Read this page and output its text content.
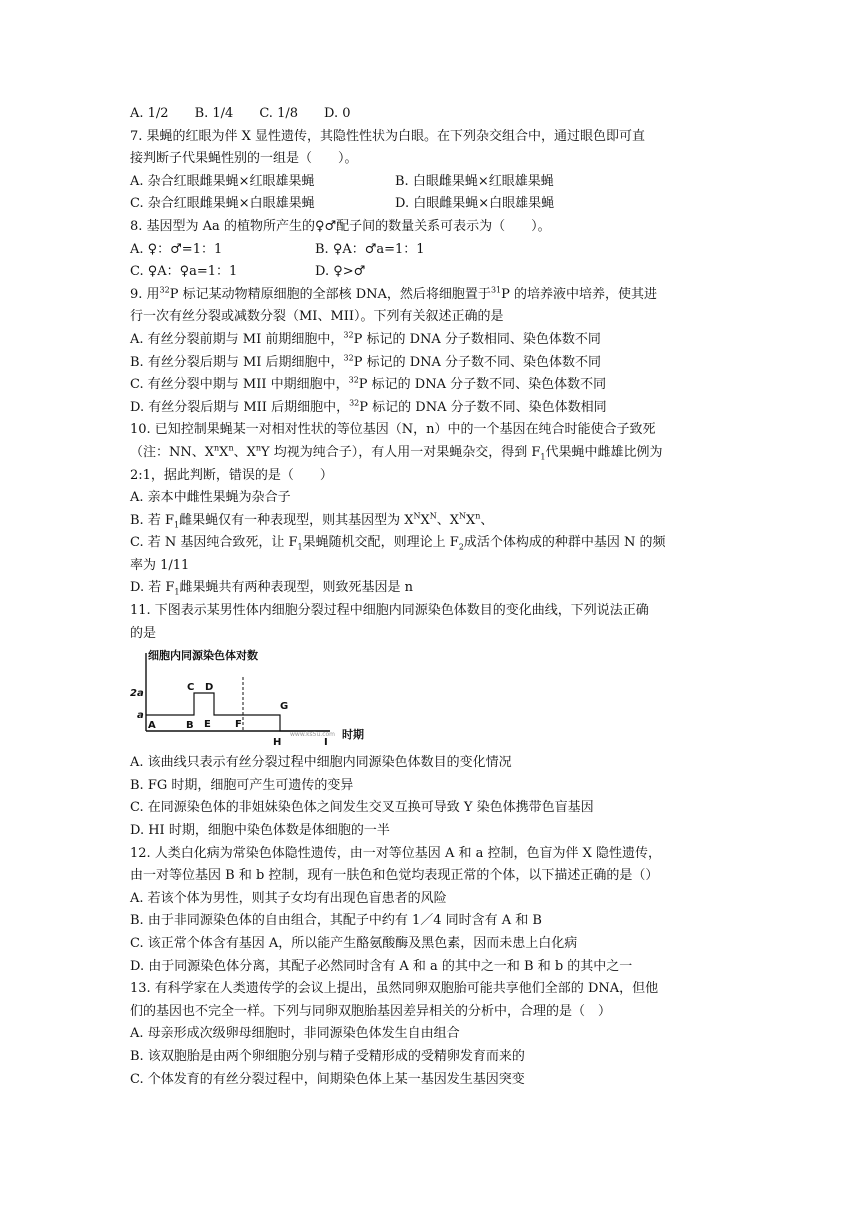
A. 1/2　　B. 1/4　　C. 1/8　　D. 0
7. 果蝇的红眼为伴 X 显性遗传，其隐性性状为白眼。在下列杂交组合中，通过眼色即可直
接判断子代果蝇性别的一组是（　　）。
A. 杂合红眼雌果蝇×红眼雄果蝇	B. 白眼雌果蝇×红眼雄果蝇
C. 杂合红眼雌果蝇×白眼雄果蝇	D. 白眼雌果蝇×白眼雄果蝇
8. 基因型为 Aa 的植物所产生的♀♂配子间的数量关系可表示为（　　）。
A. ♀：♂=1：1	B. ♀A：♂a=1：1
C. ♀A：♀a=1：1	D. ♀>♂
9. 用$^{32}$P 标记某动物精原细胞的全部核 DNA，然后将细胞置于$^{31}$P 的培养液中培养，使其进
行一次有丝分裂或减数分裂（MI、MII）。下列有关叙述正确的是
A. 有丝分裂前期与 MI 前期细胞中，$^{32}$P 标记的 DNA 分子数相同、染色体数不同
B. 有丝分裂后期与 MI 后期细胞中，$^{32}$P 标记的 DNA 分子数不同、染色体数不同
C. 有丝分裂中期与 MII 中期细胞中，$^{32}$P 标记的 DNA 分子数不同、染色体数不同
D. 有丝分裂后期与 MII 后期细胞中，$^{32}$P 标记的 DNA 分子数不同、染色体数相同
10. 已知控制果蝇某一对相对性状的等位基因（N，n）中的一个基因在纯合时能使合子致死
（注：NN、$X^nX^n$、$X^nY$ 均视为纯合子），有人用一对果蝇杂交，得到 $F_1$代果蝇中雌雄比例为
2:1，据此判断，错误的是（　　）
A. 亲本中雌性果蝇为杂合子
B. 若 $F_1$雌果蝇仅有一种表现型，则其基因型为 $X^NX^N$、$X^NX^n$、
C. 若 N 基因纯合致死，让 $F_1$果蝇随机交配，则理论上 $F_2$成活个体构成的种群中基因 N 的频
率为 1/11
D. 若 $F_1$雌果蝇共有两种表现型，则致死基因是 n
11. 下图表示某男性体内细胞分裂过程中细胞内同源染色体数目的变化曲线，下列说法正确
的是
细胞内同源染色体对数
2a
a
A	B
C D
E F
G
H	I
www.ks5u.com 时期
A. 该曲线只表示有丝分裂过程中细胞内同源染色体数目的变化情况
B. FG 时期，细胞可产生可遗传的变异
C. 在同源染色体的非姐妹染色体之间发生交叉互换可导致 Y 染色体携带色盲基因
D. HI 时期，细胞中染色体数是体细胞的一半
12. 人类白化病为常染色体隐性遗传，由一对等位基因 A 和 a 控制，色盲为伴 X 隐性遗传，
由一对等位基因 B 和 b 控制，现有一肤色和色觉均表现正常的个体，以下描述正确的是（）
A. 若该个体为男性，则其子女均有出现色盲患者的风险
B. 由于非同源染色体的自由组合，其配子中约有 1／4 同时含有 A 和 B
C. 该正常个体含有基因 A，所以能产生酪氨酸酶及黑色素，因而未患上白化病
D. 由于同源染色体分离，其配子必然同时含有 A 和 a 的其中之一和 B 和 b 的其中之一
13. 有科学家在人类遗传学的会议上提出，虽然同卵双胞胎可能共享他们全部的 DNA，但他
们的基因也不完全一样。下列与同卵双胞胎基因差异相关的分析中，合理的是（　）
A. 母亲形成次级卵母细胞时，非同源染色体发生自由组合
B. 该双胞胎是由两个卵细胞分别与精子受精形成的受精卵发育而来的
C. 个体发育的有丝分裂过程中，间期染色体上某一基因发生基因突变
